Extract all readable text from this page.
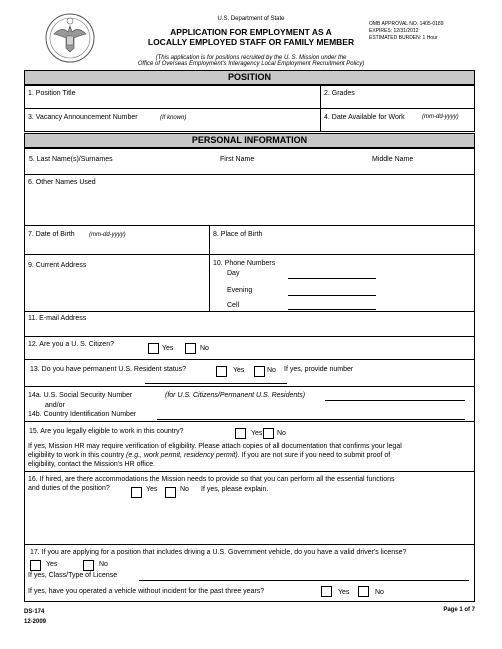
U.S. Department of State
APPLICATION FOR EMPLOYMENT AS A
LOCALLY EMPLOYED STAFF OR FAMILY MEMBER
OMB APPROVAL NO. 1405-0189
EXPIRES: 12/31/2012
ESTIMATED BURDEN: 1 Hour
(This application is for positions recruited by the U. S. Mission under the
Office of Overseas Employment's Interagency Local Employment Recruitment Policy)
POSITION
1. Position Title	2. Grades
3. Vacancy Announcement Number	(If known)	4. Date Available for Work	(mm-dd-yyyy)
PERSONAL INFORMATION
5. Last Name(s)/Surnames	First Name	Middle Name
6. Other Names Used
7. Date of Birth (mm-dd-yyyy)	8. Place of Birth
9. Current Address	10. Phone Numbers
Day
Evening
Cell
11. E-mail Address
12. Are you a U. S. Citizen?
Yes	No
13. Do you have permanent U.S. Resident status?	Yes	No If yes, provide number
14a. U.S. Social Security Number	(for U.S. Citizens/Permanent U.S. Residents)
and/or
14b. Country Identification Number
15. Are you legally eligible to work in this country?	Yes No
If yes, Mission HR may require verification of eligibility. Please attach copies of all documentation that confirms your legal
eligibility to work in this country (e.g., work permit, residency permit). If you are not sure if you need to submit proof of
eligibility, contact the Mission's HR office.
16. If hired, are there accommodations the Mission needs to provide so that you can perform all the essential functions
and duties of the position?	Yes	No If yes, please explain.
17. If you are applying for a position that includes driving a U.S. Government vehicle, do you have a valid driver's license?
Yes	No
If yes, Class/Type of License
If yes, have you operated a vehicle without incident for the past three years?	Yes	No
DS-174
12-2009
Page 1 of 7
